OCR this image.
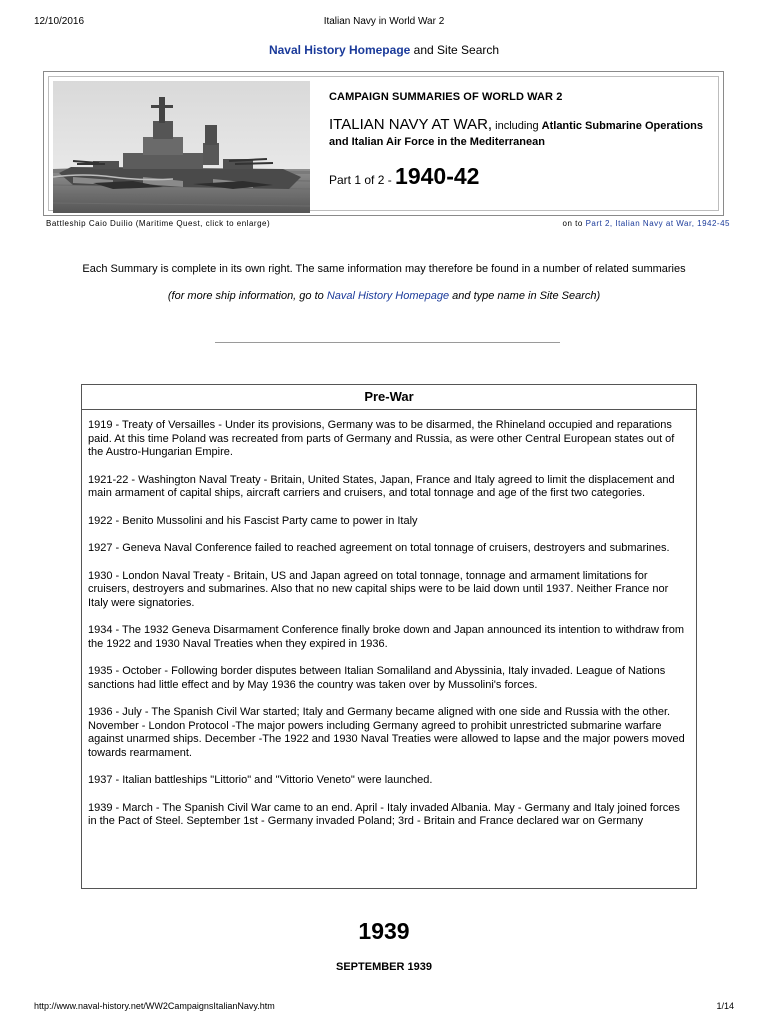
12/10/2016	Italian Navy in World War 2
Naval History Homepage and Site Search
CAMPAIGN SUMMARIES OF WORLD WAR 2
ITALIAN NAVY AT WAR, including Atlantic Submarine Operations and Italian Air Force in the Mediterranean
Part 1 of 2 - 1940-42
Battleship Caio Duilio (Maritime Quest, click to enlarge)	on to Part 2, Italian Navy at War, 1942-45
Each Summary is complete in its own right. The same information may therefore be found in a number of related summaries
(for more ship information, go to Naval History Homepage and type name in Site Search)
Pre-War

1919 - Treaty of Versailles - Under its provisions, Germany was to be disarmed, the Rhineland occupied and reparations paid. At this time Poland was recreated from parts of Germany and Russia, as were other Central European states out of the Austro-Hungarian Empire.

1921-22 - Washington Naval Treaty - Britain, United States, Japan, France and Italy agreed to limit the displacement and main armament of capital ships, aircraft carriers and cruisers, and total tonnage and age of the first two categories.

1922 - Benito Mussolini and his Fascist Party came to power in Italy

1927 - Geneva Naval Conference failed to reached agreement on total tonnage of cruisers, destroyers and submarines.

1930 - London Naval Treaty - Britain, US and Japan agreed on total tonnage, tonnage and armament limitations for cruisers, destroyers and submarines. Also that no new capital ships were to be laid down until 1937. Neither France nor Italy were signatories.

1934 - The 1932 Geneva Disarmament Conference finally broke down and Japan announced its intention to withdraw from the 1922 and 1930 Naval Treaties when they expired in 1936.

1935 - October - Following border disputes between Italian Somaliland and Abyssinia, Italy invaded. League of Nations sanctions had little effect and by May 1936 the country was taken over by Mussolini's forces.

1936 - July - The Spanish Civil War started; Italy and Germany became aligned with one side and Russia with the other. November - London Protocol -The major powers including Germany agreed to prohibit unrestricted submarine warfare against unarmed ships. December -The 1922 and 1930 Naval Treaties were allowed to lapse and the major powers moved towards rearmament.

1937 - Italian battleships "Littorio" and "Vittorio Veneto" were launched.

1939 - March - The Spanish Civil War came to an end. April - Italy invaded Albania. May - Germany and Italy joined forces in the Pact of Steel. September 1st - Germany invaded Poland; 3rd - Britain and France declared war on Germany

1939
SEPTEMBER 1939
http://www.naval-history.net/WW2CampaignsItalianNavy.htm	1/14
